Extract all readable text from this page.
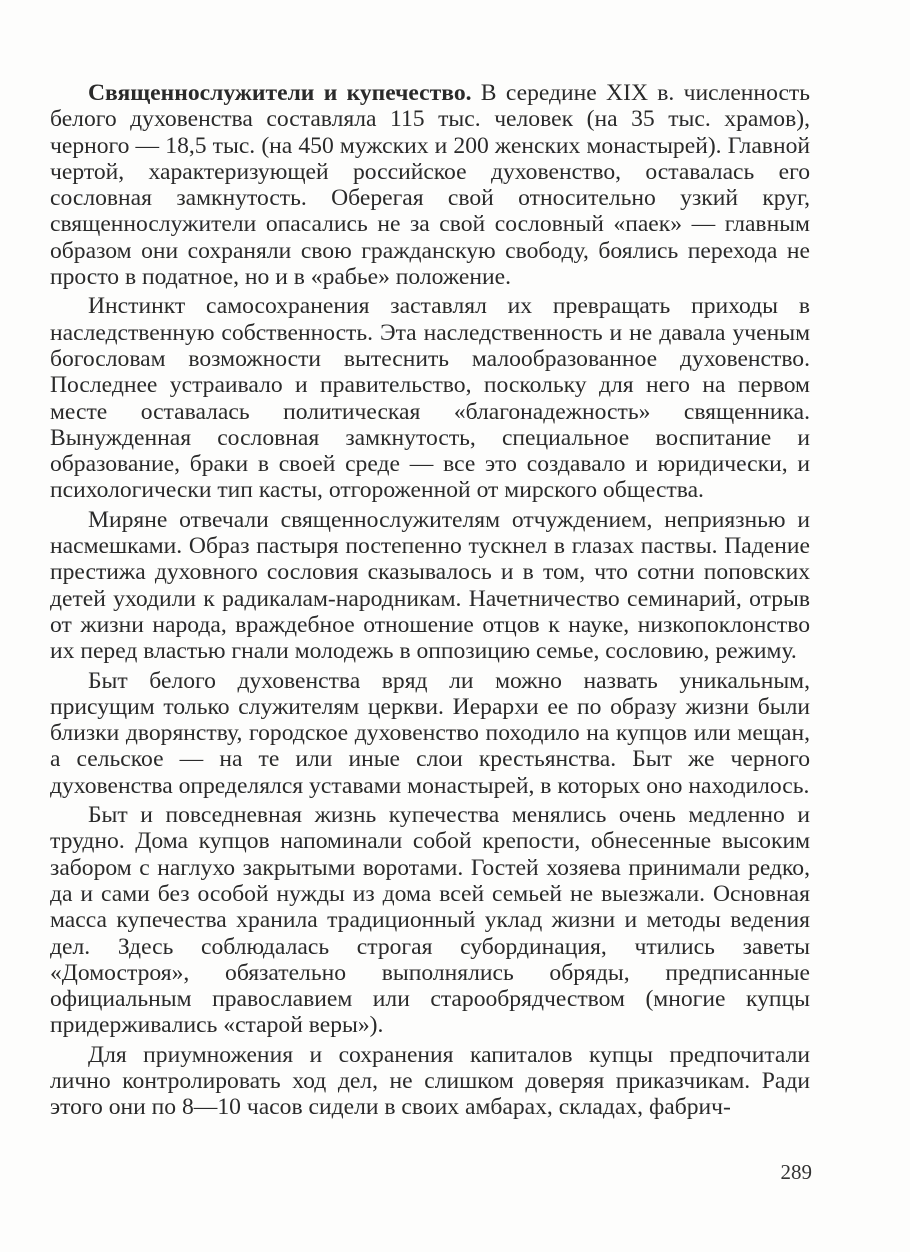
Священнослужители и купечество. В середине XIX в. численность белого духовенства составляла 115 тыс. человек (на 35 тыс. храмов), черного — 18,5 тыс. (на 450 мужских и 200 женских монастырей). Главной чертой, характеризующей российское духовенство, оставалась его сословная замкнутость. Оберегая свой относительно узкий круг, священнослужители опасались не за свой сословный «паек» — главным образом они сохраняли свою гражданскую свободу, боялись перехода не просто в податное, но и в «рабье» положение.

Инстинкт самосохранения заставлял их превращать приходы в наследственную собственность. Эта наследственность и не давала ученым богословам возможности вытеснить малообразованное духовенство. Последнее устраивало и правительство, поскольку для него на первом месте оставалась политическая «благонадежность» священника. Вынужденная сословная замкнутость, специальное воспитание и образование, браки в своей среде — все это создавало и юридически, и психологически тип касты, отгороженной от мирского общества.

Миряне отвечали священнослужителям отчуждением, неприязнью и насмешками. Образ пастыря постепенно тускнел в глазах паствы. Падение престижа духовного сословия сказывалось и в том, что сотни поповских детей уходили к радикалам-народникам. Начетничество семинарий, отрыв от жизни народа, враждебное отношение отцов к науке, низкопоклонство их перед властью гнали молодежь в оппозицию семье, сословию, режиму.

Быт белого духовенства вряд ли можно назвать уникальным, присущим только служителям церкви. Иерархи ее по образу жизни были близки дворянству, городское духовенство походило на купцов или мещан, а сельское — на те или иные слои крестьянства. Быт же черного духовенства определялся уставами монастырей, в которых оно находилось.

Быт и повседневная жизнь купечества менялись очень медленно и трудно. Дома купцов напоминали собой крепости, обнесенные высоким забором с наглухо закрытыми воротами. Гостей хозяева принимали редко, да и сами без особой нужды из дома всей семьей не выезжали. Основная масса купечества хранила традиционный уклад жизни и методы ведения дел. Здесь соблюдалась строгая субординация, чтились заветы «Домостроя», обязательно выполнялись обряды, предписанные официальным православием или старообрядчеством (многие купцы придерживались «старой веры»).

Для приумножения и сохранения капиталов купцы предпочитали лично контролировать ход дел, не слишком доверяя приказчикам. Ради этого они по 8—10 часов сидели в своих амбарах, складах, фабрич-

289
